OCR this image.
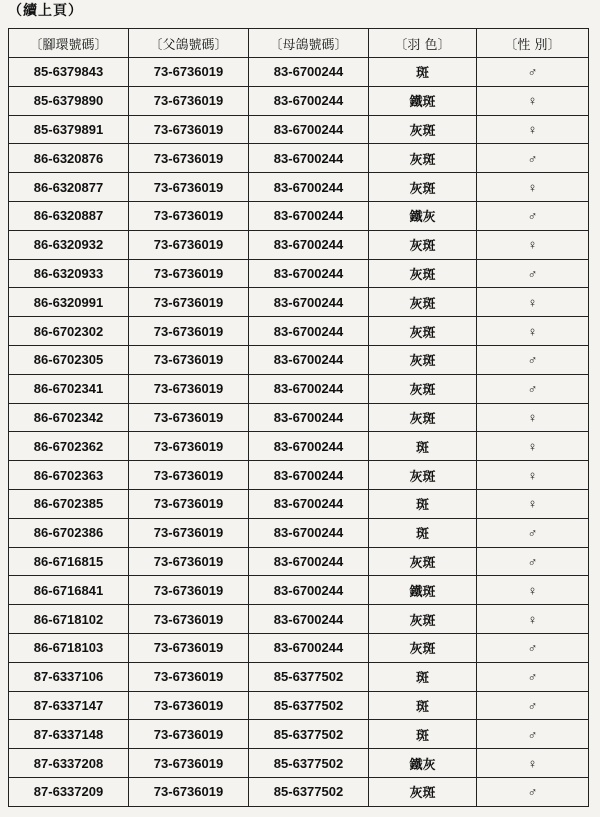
（續上頁）
〔腳環號碼〕	〔父鴿號碼〕	〔母鴿號碼〕	〔羽 色〕	〔性 別〕
85-6379843	73-6736019	83-6700244	斑	♂
85-6379890	73-6736019	83-6700244	鐵斑	♀
85-6379891	73-6736019	83-6700244	灰斑	♀
86-6320876	73-6736019	83-6700244	灰斑	♂
86-6320877	73-6736019	83-6700244	灰斑	♀
86-6320887	73-6736019	83-6700244	鐵灰	♂
86-6320932	73-6736019	83-6700244	灰斑	♀
86-6320933	73-6736019	83-6700244	灰斑	♂
86-6320991	73-6736019	83-6700244	灰斑	♀
86-6702302	73-6736019	83-6700244	灰斑	♀
86-6702305	73-6736019	83-6700244	灰斑	♂
86-6702341	73-6736019	83-6700244	灰斑	♂
86-6702342	73-6736019	83-6700244	灰斑	♀
86-6702362	73-6736019	83-6700244	斑	♀
86-6702363	73-6736019	83-6700244	灰斑	♀
86-6702385	73-6736019	83-6700244	斑	♀
86-6702386	73-6736019	83-6700244	斑	♂
86-6716815	73-6736019	83-6700244	灰斑	♂
86-6716841	73-6736019	83-6700244	鐵斑	♀
86-6718102	73-6736019	83-6700244	灰斑	♀
86-6718103	73-6736019	83-6700244	灰斑	♂
87-6337106	73-6736019	85-6377502	斑	♂
87-6337147	73-6736019	85-6377502	斑	♂
87-6337148	73-6736019	85-6377502	斑	♂
87-6337208	73-6736019	85-6377502	鐵灰	♀
87-6337209	73-6736019	85-6377502	灰斑	♂
